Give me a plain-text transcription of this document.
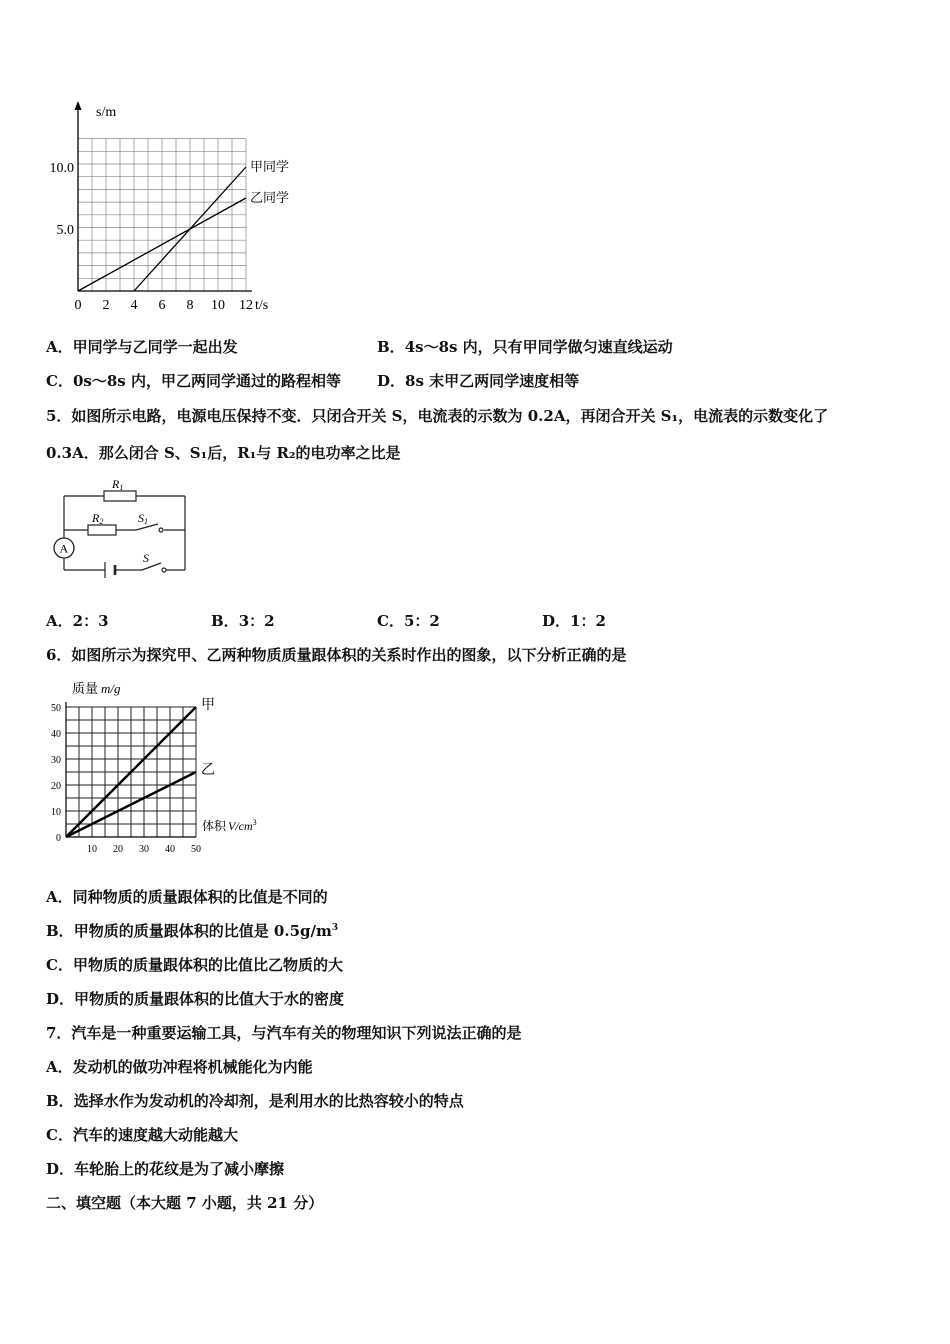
0 2 4 6 8 10 12
5.0
10.0
s/m
t/s
甲同学
乙同学
A．甲同学与乙同学一起出发	B．4s～8s 内，只有甲同学做匀速直线运动
C．0s～8s 内，甲乙两同学通过的路程相等 D．8s 末甲乙两同学速度相等
5．如图所示电路，电源电压保持不变．只闭合开关 S，电流表的示数为 0.2A，再闭合开关 S₁，电流表的示数变化了
0.3A．那么闭合 S、S₁后，R₁与 R₂的电功率之比是
A
R1
R2	S1
S
A．2：3	B．3：2	C．5：2	D．1：2
6．如图所示为探究甲、乙两种物质质量跟体积的关系时作出的图象，以下分析正确的是
10 20 30 40 50
0
10
20
30
40
50
质量 m/g
体积 $V/cm^3$
甲
乙
A．同种物质的质量跟体积的比值是不同的
B．甲物质的质量跟体积的比值是 $0.5g/m^3$
C．甲物质的质量跟体积的比值比乙物质的大
D．甲物质的质量跟体积的比值大于水的密度
7．汽车是一种重要运输工具，与汽车有关的物理知识下列说法正确的是
A．发动机的做功冲程将机械能化为内能
B．选择水作为发动机的冷却剂，是利用水的比热容较小的特点
C．汽车的速度越大动能越大
D．车轮胎上的花纹是为了减小摩擦
二、填空题（本大题 7 小题，共 21 分）
